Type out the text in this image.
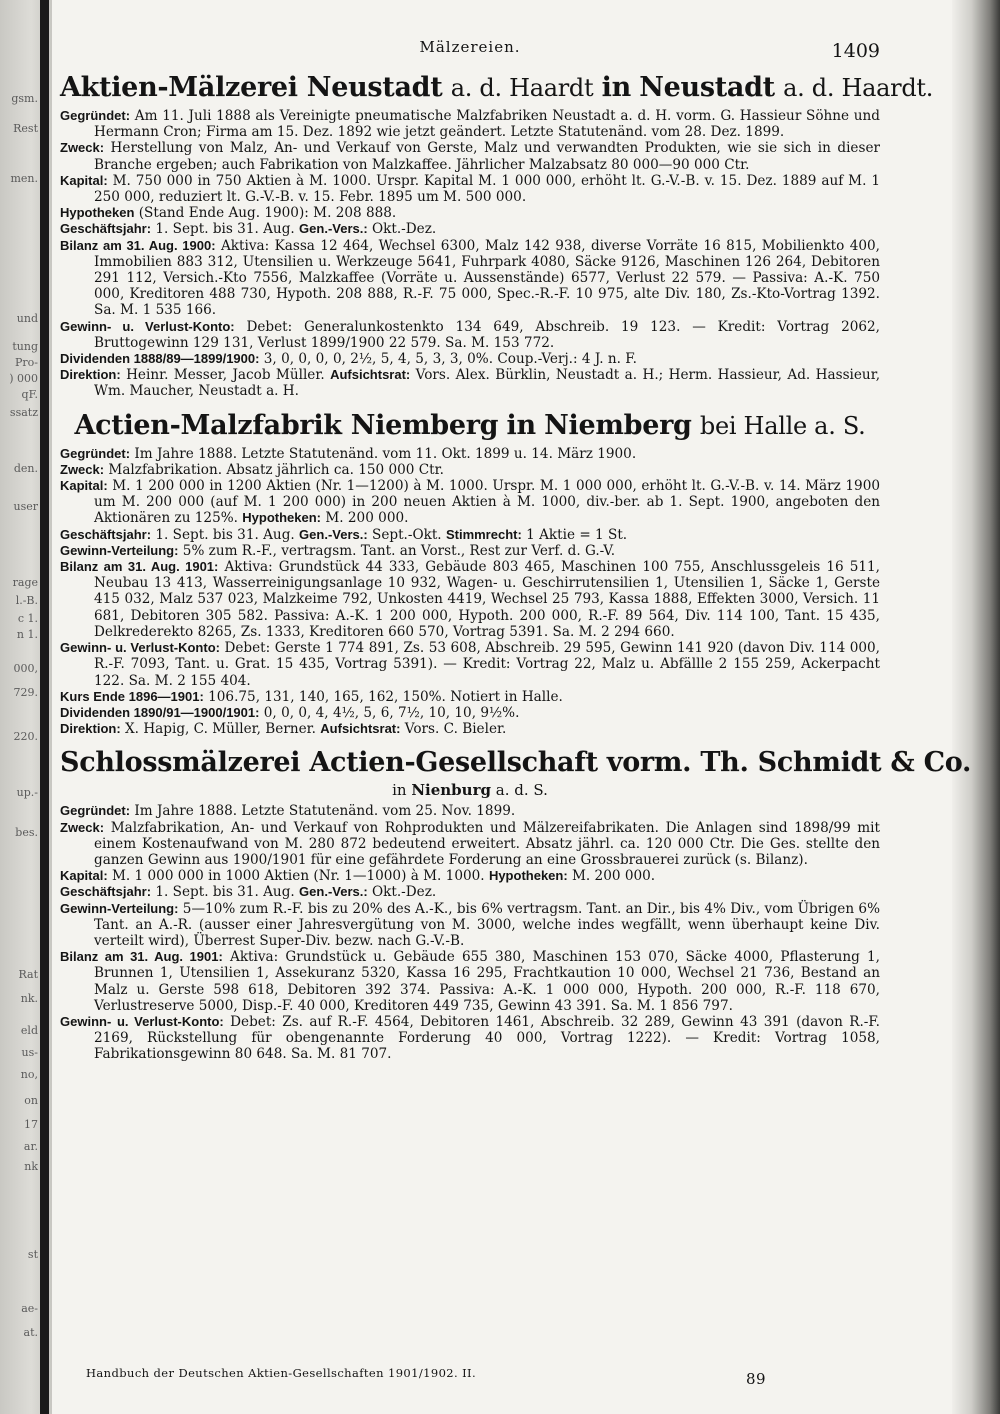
gsm.
Rest
men.
und
tung
Pro-
) 000
qF.
ssatz
den.
user
rage
l.-B.
c 1.
n 1.
000,
729.
220.
up.-
bes.
Rat
nk.
eld
us-
no,
on
17
ar.
nk
st
ae-
at.
Mälzereien.	1409
Aktien-Mälzerei Neustadt a. d. Haardt in Neustadt a. d. Haardt.

Gegründet: Am 11. Juli 1888 als Vereinigte pneumatische Malzfabriken Neustadt a. d. H. vorm. G. Hassieur Söhne und Hermann Cron; Firma am 15. Dez. 1892 wie jetzt geändert. Letzte Statutenänd. vom 28. Dez. 1899.

Zweck: Herstellung von Malz, An- und Verkauf von Gerste, Malz und verwandten Produkten, wie sie sich in dieser Branche ergeben; auch Fabrikation von Malzkaffee. Jährlicher Malzabsatz 80 000—90 000 Ctr.

Kapital: M. 750 000 in 750 Aktien à M. 1000. Urspr. Kapital M. 1 000 000, erhöht lt. G.-V.-B. v. 15. Dez. 1889 auf M. 1 250 000, reduziert lt. G.-V.-B. v. 15. Febr. 1895 um M. 500 000.

Hypotheken (Stand Ende Aug. 1900): M. 208 888.

Geschäftsjahr: 1. Sept. bis 31. Aug. Gen.-Vers.: Okt.-Dez.

Bilanz am 31. Aug. 1900: Aktiva: Kassa 12 464, Wechsel 6300, Malz 142 938, diverse Vorräte 16 815, Mobilienkto 400, Immobilien 883 312, Utensilien u. Werkzeuge 5641, Fuhrpark 4080, Säcke 9126, Maschinen 126 264, Debitoren 291 112, Versich.-Kto 7556, Malzkaffee (Vorräte u. Aussenstände) 6577, Verlust 22 579. — Passiva: A.-K. 750 000, Kreditoren 488 730, Hypoth. 208 888, R.-F. 75 000, Spec.-R.-F. 10 975, alte Div. 180, Zs.-Kto-Vortrag 1392. Sa. M. 1 535 166.

Gewinn- u. Verlust-Konto: Debet: Generalunkostenkto 134 649, Abschreib. 19 123. — Kredit: Vortrag 2062, Bruttogewinn 129 131, Verlust 1899/1900 22 579. Sa. M. 153 772.

Dividenden 1888/89—1899/1900: 3, 0, 0, 0, 0, 2½, 5, 4, 5, 3, 3, 0%. Coup.-Verj.: 4 J. n. F.

Direktion: Heinr. Messer, Jacob Müller. Aufsichtsrat: Vors. Alex. Bürklin, Neustadt a. H.; Herm. Hassieur, Ad. Hassieur, Wm. Maucher, Neustadt a. H.

Actien-Malzfabrik Niemberg in Niemberg bei Halle a. S.

Gegründet: Im Jahre 1888. Letzte Statutenänd. vom 11. Okt. 1899 u. 14. März 1900.

Zweck: Malzfabrikation. Absatz jährlich ca. 150 000 Ctr.

Kapital: M. 1 200 000 in 1200 Aktien (Nr. 1—1200) à M. 1000. Urspr. M. 1 000 000, erhöht lt. G.-V.-B. v. 14. März 1900 um M. 200 000 (auf M. 1 200 000) in 200 neuen Aktien à M. 1000, div.-ber. ab 1. Sept. 1900, angeboten den Aktionären zu 125%. Hypotheken: M. 200 000.

Geschäftsjahr: 1. Sept. bis 31. Aug. Gen.-Vers.: Sept.-Okt. Stimmrecht: 1 Aktie = 1 St.

Gewinn-Verteilung: 5% zum R.-F., vertragsm. Tant. an Vorst., Rest zur Verf. d. G.-V.

Bilanz am 31. Aug. 1901: Aktiva: Grundstück 44 333, Gebäude 803 465, Maschinen 100 755, Anschlussgeleis 16 511, Neubau 13 413, Wasserreinigungsanlage 10 932, Wagen- u. Geschirrutensilien 1, Utensilien 1, Säcke 1, Gerste 415 032, Malz 537 023, Malzkeime 792, Unkosten 4419, Wechsel 25 793, Kassa 1888, Effekten 3000, Versich. 11 681, Debitoren 305 582. Passiva: A.-K. 1 200 000, Hypoth. 200 000, R.-F. 89 564, Div. 114 100, Tant. 15 435, Delkrederekto 8265, Zs. 1333, Kreditoren 660 570, Vortrag 5391. Sa. M. 2 294 660.

Gewinn- u. Verlust-Konto: Debet: Gerste 1 774 891, Zs. 53 608, Abschreib. 29 595, Gewinn 141 920 (davon Div. 114 000, R.-F. 7093, Tant. u. Grat. 15 435, Vortrag 5391). — Kredit: Vortrag 22, Malz u. Abfällle 2 155 259, Ackerpacht 122. Sa. M. 2 155 404.

Kurs Ende 1896—1901: 106.75, 131, 140, 165, 162, 150%. Notiert in Halle.

Dividenden 1890/91—1900/1901: 0, 0, 0, 4, 4½, 5, 6, 7½, 10, 10, 9½%.

Direktion: X. Hapig, C. Müller, Berner. Aufsichtsrat: Vors. C. Bieler.

Schlossmälzerei Actien-Gesellschaft vorm. Th. Schmidt & Co.
in Nienburg a. d. S.

Gegründet: Im Jahre 1888. Letzte Statutenänd. vom 25. Nov. 1899.

Zweck: Malzfabrikation, An- und Verkauf von Rohprodukten und Mälzereifabrikaten. Die Anlagen sind 1898/99 mit einem Kostenaufwand von M. 280 872 bedeutend erweitert. Absatz jährl. ca. 120 000 Ctr. Die Ges. stellte den ganzen Gewinn aus 1900/1901 für eine gefährdete Forderung an eine Grossbrauerei zurück (s. Bilanz).

Kapital: M. 1 000 000 in 1000 Aktien (Nr. 1—1000) à M. 1000. Hypotheken: M. 200 000.

Geschäftsjahr: 1. Sept. bis 31. Aug. Gen.-Vers.: Okt.-Dez.

Gewinn-Verteilung: 5—10% zum R.-F. bis zu 20% des A.-K., bis 6% vertragsm. Tant. an Dir., bis 4% Div., vom Übrigen 6% Tant. an A.-R. (ausser einer Jahresvergütung von M. 3000, welche indes wegfällt, wenn überhaupt keine Div. verteilt wird), Überrest Super-Div. bezw. nach G.-V.-B.

Bilanz am 31. Aug. 1901: Aktiva: Grundstück u. Gebäude 655 380, Maschinen 153 070, Säcke 4000, Pflasterung 1, Brunnen 1, Utensilien 1, Assekuranz 5320, Kassa 16 295, Frachtkaution 10 000, Wechsel 21 736, Bestand an Malz u. Gerste 598 618, Debitoren 392 374. Passiva: A.-K. 1 000 000, Hypoth. 200 000, R.-F. 118 670, Verlustreserve 5000, Disp.-F. 40 000, Kreditoren 449 735, Gewinn 43 391. Sa. M. 1 856 797.

Gewinn- u. Verlust-Konto: Debet: Zs. auf R.-F. 4564, Debitoren 1461, Abschreib. 32 289, Gewinn 43 391 (davon R.-F. 2169, Rückstellung für obengenannte Forderung 40 000, Vortrag 1222). — Kredit: Vortrag 1058, Fabrikationsgewinn 80 648. Sa. M. 81 707.

Handbuch der Deutschen Aktien-Gesellschaften 1901/1902. II.	89
